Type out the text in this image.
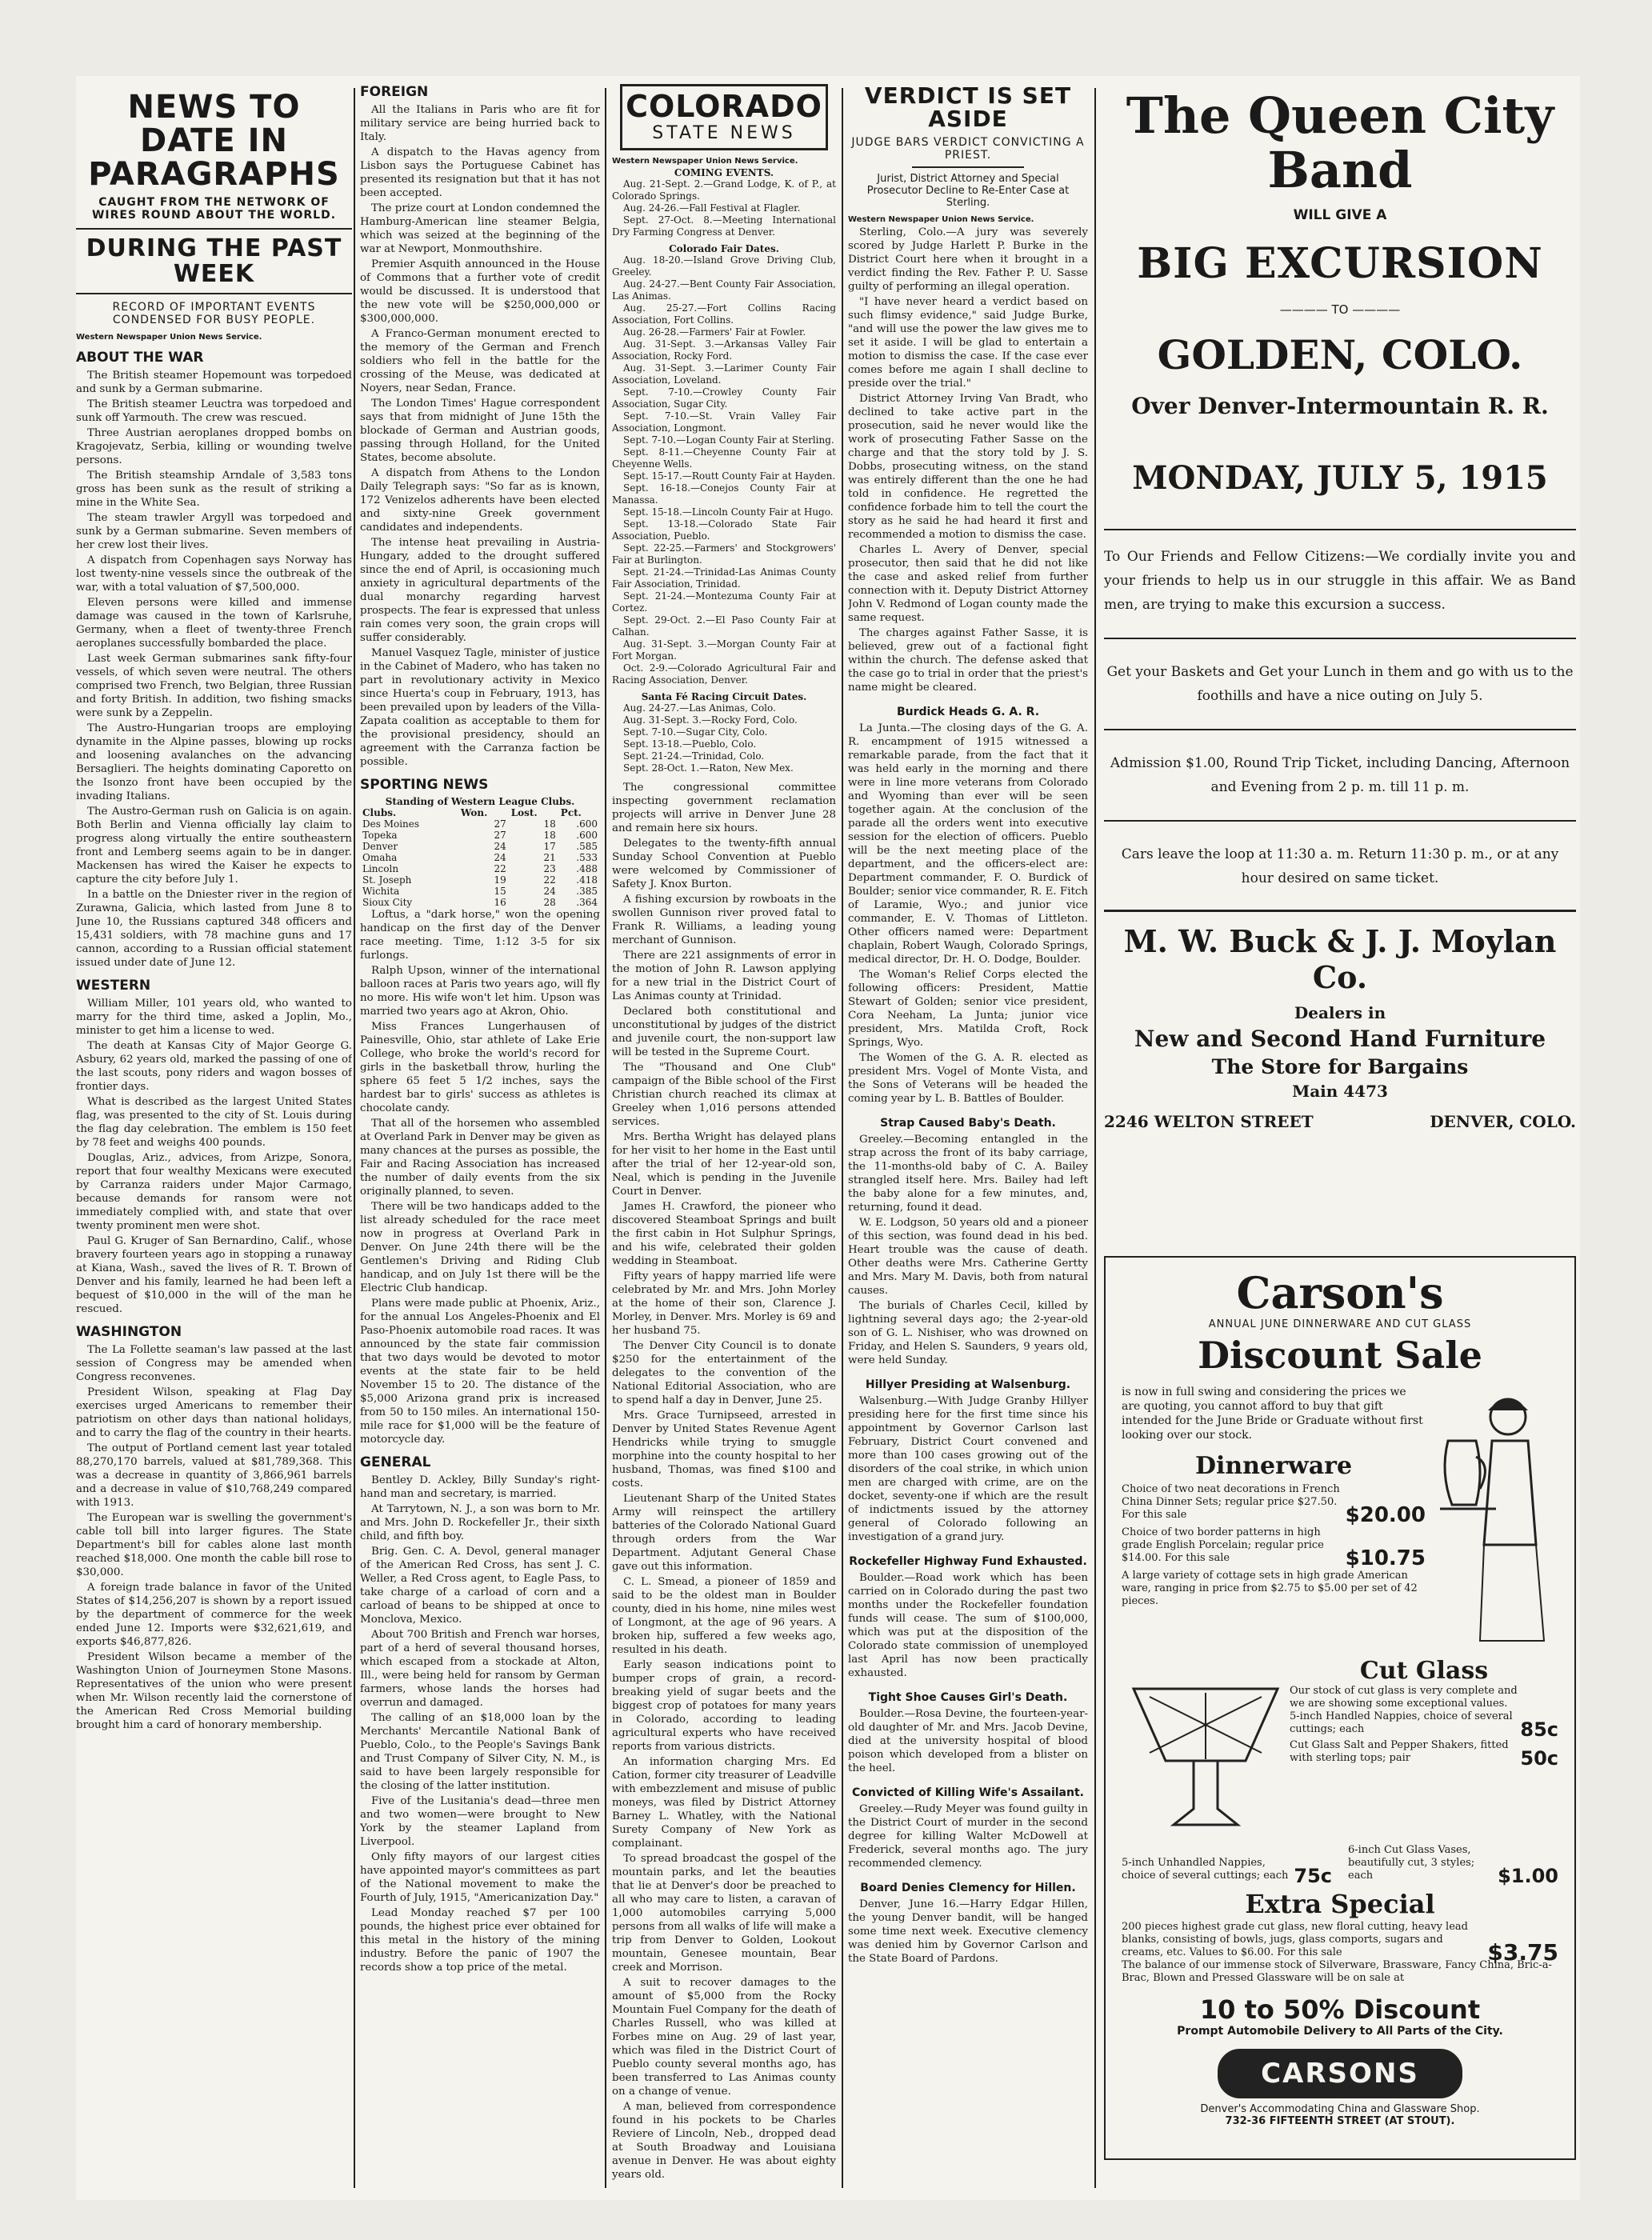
NEWS TO DATE IN PARAGRAPHS
CAUGHT FROM THE NETWORK OF WIRES ROUND ABOUT THE WORLD.
DURING THE PAST WEEK
RECORD OF IMPORTANT EVENTS CONDENSED FOR BUSY PEOPLE.
Western Newspaper Union News Service.
ABOUT THE WAR

The British steamer Hopemount was torpedoed and sunk by a German submarine.

The British steamer Leuctra was torpedoed and sunk off Yarmouth. The crew was rescued.

Three Austrian aeroplanes dropped bombs on Kragojevatz, Serbia, killing or wounding twelve persons.

The British steamship Arndale of 3,583 tons gross has been sunk as the result of striking a mine in the White Sea.

The steam trawler Argyll was torpedoed and sunk by a German submarine. Seven members of her crew lost their lives.

A dispatch from Copenhagen says Norway has lost twenty-nine vessels since the outbreak of the war, with a total valuation of $7,500,000.

Eleven persons were killed and immense damage was caused in the town of Karlsruhe, Germany, when a fleet of twenty-three French aeroplanes successfully bombarded the place.

Last week German submarines sank fifty-four vessels, of which seven were neutral. The others comprised two French, two Belgian, three Russian and forty British. In addition, two fishing smacks were sunk by a Zeppelin.

The Austro-Hungarian troops are employing dynamite in the Alpine passes, blowing up rocks and loosening avalanches on the advancing Bersaglieri. The heights dominating Caporetto on the Isonzo front have been occupied by the invading Italians.

The Austro-German rush on Galicia is on again. Both Berlin and Vienna officially lay claim to progress along virtually the entire southeastern front and Lemberg seems again to be in danger. Mackensen has wired the Kaiser he expects to capture the city before July 1.

In a battle on the Dniester river in the region of Zurawna, Galicia, which lasted from June 8 to June 10, the Russians captured 348 officers and 15,431 soldiers, with 78 machine guns and 17 cannon, according to a Russian official statement issued under date of June 12.

WESTERN

William Miller, 101 years old, who wanted to marry for the third time, asked a Joplin, Mo., minister to get him a license to wed.

The death at Kansas City of Major George G. Asbury, 62 years old, marked the passing of one of the last scouts, pony riders and wagon bosses of frontier days.

What is described as the largest United States flag, was presented to the city of St. Louis during the flag day celebration. The emblem is 150 feet by 78 feet and weighs 400 pounds.

Douglas, Ariz., advices, from Arizpe, Sonora, report that four wealthy Mexicans were executed by Carranza raiders under Major Carmago, because demands for ransom were not immediately complied with, and state that over twenty prominent men were shot.

Paul G. Kruger of San Bernardino, Calif., whose bravery fourteen years ago in stopping a runaway at Kiana, Wash., saved the lives of R. T. Brown of Denver and his family, learned he had been left a bequest of $10,000 in the will of the man he rescued.

WASHINGTON

The La Follette seaman's law passed at the last session of Congress may be amended when Congress reconvenes.

President Wilson, speaking at Flag Day exercises urged Americans to remember their patriotism on other days than national holidays, and to carry the flag of the country in their hearts.

The output of Portland cement last year totaled 88,270,170 barrels, valued at $81,789,368. This was a decrease in quantity of 3,866,961 barrels and a decrease in value of $10,768,249 compared with 1913.

The European war is swelling the government's cable toll bill into larger figures. The State Department's bill for cables alone last month reached $18,000. One month the cable bill rose to $30,000.

A foreign trade balance in favor of the United States of $14,256,207 is shown by a report issued by the department of commerce for the week ended June 12. Imports were $32,621,619, and exports $46,877,826.

President Wilson became a member of the Washington Union of Journeymen Stone Masons. Representatives of the union who were present when Mr. Wilson recently laid the cornerstone of the American Red Cross Memorial building brought him a card of honorary membership.

FOREIGN

All the Italians in Paris who are fit for military service are being hurried back to Italy.

A dispatch to the Havas agency from Lisbon says the Portuguese Cabinet has presented its resignation but that it has not been accepted.

The prize court at London condemned the Hamburg-American line steamer Belgia, which was seized at the beginning of the war at Newport, Monmouthshire.

Premier Asquith announced in the House of Commons that a further vote of credit would be discussed. It is understood that the new vote will be $250,000,000 or $300,000,000.

A Franco-German monument erected to the memory of the German and French soldiers who fell in the battle for the crossing of the Meuse, was dedicated at Noyers, near Sedan, France.

The London Times' Hague correspondent says that from midnight of June 15th the blockade of German and Austrian goods, passing through Holland, for the United States, become absolute.

A dispatch from Athens to the London Daily Telegraph says: "So far as is known, 172 Venizelos adherents have been elected and sixty-nine Greek government candidates and independents.

The intense heat prevailing in Austria-Hungary, added to the drought suffered since the end of April, is occasioning much anxiety in agricultural departments of the dual monarchy regarding harvest prospects. The fear is expressed that unless rain comes very soon, the grain crops will suffer considerably.

Manuel Vasquez Tagle, minister of justice in the Cabinet of Madero, who has taken no part in revolutionary activity in Mexico since Huerta's coup in February, 1913, has been prevailed upon by leaders of the Villa-Zapata coalition as acceptable to them for the provisional presidency, should an agreement with the Carranza faction be possible.

SPORTING NEWS
Standing of Western League Clubs.
Clubs.	Won.	Lost.	Pct.
Des Moines	27	18	.600
Topeka	27	18	.600
Denver	24	17	.585
Omaha	24	21	.533
Lincoln	22	23	.488
St. Joseph	19	22	.418
Wichita	15	24	.385
Sioux City	16	28	.364

Loftus, a "dark horse," won the opening handicap on the first day of the Denver race meeting. Time, 1:12 3-5 for six furlongs.

Ralph Upson, winner of the international balloon races at Paris two years ago, will fly no more. His wife won't let him. Upson was married two years ago at Akron, Ohio.

Miss Frances Lungerhausen of Painesville, Ohio, star athlete of Lake Erie College, who broke the world's record for girls in the basketball throw, hurling the sphere 65 feet 5 1/2 inches, says the hardest bar to girls' success as athletes is chocolate candy.

That all of the horsemen who assembled at Overland Park in Denver may be given as many chances at the purses as possible, the Fair and Racing Association has increased the number of daily events from the six originally planned, to seven.

There will be two handicaps added to the list already scheduled for the race meet now in progress at Overland Park in Denver. On June 24th there will be the Gentlemen's Driving and Riding Club handicap, and on July 1st there will be the Electric Club handicap.

Plans were made public at Phoenix, Ariz., for the annual Los Angeles-Phoenix and El Paso-Phoenix automobile road races. It was announced by the state fair commission that two days would be devoted to motor events at the state fair to be held November 15 to 20. The distance of the $5,000 Arizona grand prix is increased from 50 to 150 miles. An international 150-mile race for $1,000 will be the feature of motorcycle day.

GENERAL

Bentley D. Ackley, Billy Sunday's right-hand man and secretary, is married.

At Tarrytown, N. J., a son was born to Mr. and Mrs. John D. Rockefeller Jr., their sixth child, and fifth boy.

Brig. Gen. C. A. Devol, general manager of the American Red Cross, has sent J. C. Weller, a Red Cross agent, to Eagle Pass, to take charge of a carload of corn and a carload of beans to be shipped at once to Monclova, Mexico.

About 700 British and French war horses, part of a herd of several thousand horses, which escaped from a stockade at Alton, Ill., were being held for ransom by German farmers, whose lands the horses had overrun and damaged.

The calling of an $18,000 loan by the Merchants' Mercantile National Bank of Pueblo, Colo., to the People's Savings Bank and Trust Company of Silver City, N. M., is said to have been largely responsible for the closing of the latter institution.

Five of the Lusitania's dead—three men and two women—were brought to New York by the steamer Lapland from Liverpool.

Only fifty mayors of our largest cities have appointed mayor's committees as part of the National movement to make the Fourth of July, 1915, "Americanization Day."

Lead Monday reached $7 per 100 pounds, the highest price ever obtained for this metal in the history of the mining industry. Before the panic of 1907 the records show a top price of the metal.

COLORADO
STATE NEWS
Western Newspaper Union News Service.
COMING EVENTS.

Aug. 21-Sept. 2.—Grand Lodge, K. of P., at Colorado Springs.

Aug. 24-26.—Fall Festival at Flagler.

Sept. 27-Oct. 8.—Meeting International Dry Farming Congress at Denver.

Colorado Fair Dates.

Aug. 18-20.—Island Grove Driving Club, Greeley.

Aug. 24-27.—Bent County Fair Association, Las Animas.

Aug. 25-27.—Fort Collins Racing Association, Fort Collins.

Aug. 26-28.—Farmers' Fair at Fowler.

Aug. 31-Sept. 3.—Arkansas Valley Fair Association, Rocky Ford.

Aug. 31-Sept. 3.—Larimer County Fair Association, Loveland.

Sept. 7-10.—Crowley County Fair Association, Sugar City.

Sept. 7-10.—St. Vrain Valley Fair Association, Longmont.

Sept. 7-10.—Logan County Fair at Sterling.

Sept. 8-11.—Cheyenne County Fair at Cheyenne Wells.

Sept. 15-17.—Routt County Fair at Hayden.

Sept. 16-18.—Conejos County Fair at Manassa.

Sept. 15-18.—Lincoln County Fair at Hugo.

Sept. 13-18.—Colorado State Fair Association, Pueblo.

Sept. 22-25.—Farmers' and Stockgrowers' Fair at Burlington.

Sept. 21-24.—Trinidad-Las Animas County Fair Association, Trinidad.

Sept. 21-24.—Montezuma County Fair at Cortez.

Sept. 29-Oct. 2.—El Paso County Fair at Calhan.

Aug. 31-Sept. 3.—Morgan County Fair at Fort Morgan.

Oct. 2-9.—Colorado Agricultural Fair and Racing Association, Denver.

Santa Fé Racing Circuit Dates.

Aug. 24-27.—Las Animas, Colo.

Aug. 31-Sept. 3.—Rocky Ford, Colo.

Sept. 7-10.—Sugar City, Colo.

Sept. 13-18.—Pueblo, Colo.

Sept. 21-24.—Trinidad, Colo.

Sept. 28-Oct. 1.—Raton, New Mex.

The congressional committee inspecting government reclamation projects will arrive in Denver June 28 and remain here six hours.

Delegates to the twenty-fifth annual Sunday School Convention at Pueblo were welcomed by Commissioner of Safety J. Knox Burton.

A fishing excursion by rowboats in the swollen Gunnison river proved fatal to Frank R. Williams, a leading young merchant of Gunnison.

There are 221 assignments of error in the motion of John R. Lawson applying for a new trial in the District Court of Las Animas county at Trinidad.

Declared both constitutional and unconstitutional by judges of the district and juvenile court, the non-support law will be tested in the Supreme Court.

The "Thousand and One Club" campaign of the Bible school of the First Christian church reached its climax at Greeley when 1,016 persons attended services.

Mrs. Bertha Wright has delayed plans for her visit to her home in the East until after the trial of her 12-year-old son, Neal, which is pending in the Juvenile Court in Denver.

James H. Crawford, the pioneer who discovered Steamboat Springs and built the first cabin in Hot Sulphur Springs, and his wife, celebrated their golden wedding in Steamboat.

Fifty years of happy married life were celebrated by Mr. and Mrs. John Morley at the home of their son, Clarence J. Morley, in Denver. Mrs. Morley is 69 and her husband 75.

The Denver City Council is to donate $250 for the entertainment of the delegates to the convention of the National Editorial Association, who are to spend half a day in Denver, June 25.

Mrs. Grace Turnipseed, arrested in Denver by United States Revenue Agent Hendricks while trying to smuggle morphine into the county hospital to her husband, Thomas, was fined $100 and costs.

Lieutenant Sharp of the United States Army will reinspect the artillery batteries of the Colorado National Guard through orders from the War Department. Adjutant General Chase gave out this information.

C. L. Smead, a pioneer of 1859 and said to be the oldest man in Boulder county, died in his home, nine miles west of Longmont, at the age of 96 years. A broken hip, suffered a few weeks ago, resulted in his death.

Early season indications point to bumper crops of grain, a record-breaking yield of sugar beets and the biggest crop of potatoes for many years in Colorado, according to leading agricultural experts who have received reports from various districts.

An information charging Mrs. Ed Cation, former city treasurer of Leadville with embezzlement and misuse of public moneys, was filed by District Attorney Barney L. Whatley, with the National Surety Company of New York as complainant.

To spread broadcast the gospel of the mountain parks, and let the beauties that lie at Denver's door be preached to all who may care to listen, a caravan of 1,000 automobiles carrying 5,000 persons from all walks of life will make a trip from Denver to Golden, Lookout mountain, Genesee mountain, Bear creek and Morrison.

A suit to recover damages to the amount of $5,000 from the Rocky Mountain Fuel Company for the death of Charles Russell, who was killed at Forbes mine on Aug. 29 of last year, which was filed in the District Court of Pueblo county several months ago, has been transferred to Las Animas county on a change of venue.

A man, believed from correspondence found in his pockets to be Charles Reviere of Lincoln, Neb., dropped dead at South Broadway and Louisiana avenue in Denver. He was about eighty years old.

VERDICT IS SET ASIDE
JUDGE BARS VERDICT CONVICTING A PRIEST.
Jurist, District Attorney and Special Prosecutor Decline to Re-Enter Case at Sterling.
Western Newspaper Union News Service.

Sterling, Colo.—A jury was severely scored by Judge Harlett P. Burke in the District Court here when it brought in a verdict finding the Rev. Father P. U. Sasse guilty of performing an illegal operation.

"I have never heard a verdict based on such flimsy evidence," said Judge Burke, "and will use the power the law gives me to set it aside. I will be glad to entertain a motion to dismiss the case. If the case ever comes before me again I shall decline to preside over the trial."

District Attorney Irving Van Bradt, who declined to take active part in the prosecution, said he never would like the work of prosecuting Father Sasse on the charge and that the story told by J. S. Dobbs, prosecuting witness, on the stand was entirely different than the one he had told in confidence. He regretted the confidence forbade him to tell the court the story as he said he had heard it first and recommended a motion to dismiss the case.

Charles L. Avery of Denver, special prosecutor, then said that he did not like the case and asked relief from further connection with it. Deputy District Attorney John V. Redmond of Logan county made the same request.

The charges against Father Sasse, it is believed, grew out of a factional fight within the church. The defense asked that the case go to trial in order that the priest's name might be cleared.

Burdick Heads G. A. R.

La Junta.—The closing days of the G. A. R. encampment of 1915 witnessed a remarkable parade, from the fact that it was held early in the morning and there were in line more veterans from Colorado and Wyoming than ever will be seen together again. At the conclusion of the parade all the orders went into executive session for the election of officers. Pueblo will be the next meeting place of the department, and the officers-elect are: Department commander, F. O. Burdick of Boulder; senior vice commander, R. E. Fitch of Laramie, Wyo.; and junior vice commander, E. V. Thomas of Littleton. Other officers named were: Department chaplain, Robert Waugh, Colorado Springs, medical director, Dr. H. O. Dodge, Boulder.

The Woman's Relief Corps elected the following officers: President, Mattie Stewart of Golden; senior vice president, Cora Neeham, La Junta; junior vice president, Mrs. Matilda Croft, Rock Springs, Wyo.

The Women of the G. A. R. elected as president Mrs. Vogel of Monte Vista, and the Sons of Veterans will be headed the coming year by L. B. Battles of Boulder.

Strap Caused Baby's Death.

Greeley.—Becoming entangled in the strap across the front of its baby carriage, the 11-months-old baby of C. A. Bailey strangled itself here. Mrs. Bailey had left the baby alone for a few minutes, and, returning, found it dead.

W. E. Lodgson, 50 years old and a pioneer of this section, was found dead in his bed. Heart trouble was the cause of death. Other deaths were Mrs. Catherine Gertty and Mrs. Mary M. Davis, both from natural causes.

The burials of Charles Cecil, killed by lightning several days ago; the 2-year-old son of G. L. Nishiser, who was drowned on Friday, and Helen S. Saunders, 9 years old, were held Sunday.

Hillyer Presiding at Walsenburg.

Walsenburg.—With Judge Granby Hillyer presiding here for the first time since his appointment by Governor Carlson last February, District Court convened and more than 100 cases growing out of the disorders of the coal strike, in which union men are charged with crime, are on the docket, seventy-one if which are the result of indictments issued by the attorney general of Colorado following an investigation of a grand jury.

Rockefeller Highway Fund Exhausted.

Boulder.—Road work which has been carried on in Colorado during the past two months under the Rockefeller foundation funds will cease. The sum of $100,000, which was put at the disposition of the Colorado state commission of unemployed last April has now been practically exhausted.

Tight Shoe Causes Girl's Death.

Boulder.—Rosa Devine, the fourteen-year-old daughter of Mr. and Mrs. Jacob Devine, died at the university hospital of blood poison which developed from a blister on the heel.

Convicted of Killing Wife's Assailant.

Greeley.—Rudy Meyer was found guilty in the District Court of murder in the second degree for killing Walter McDowell at Frederick, several months ago. The jury recommended clemency.

Board Denies Clemency for Hillen.

Denver, June 16.—Harry Edgar Hillen, the young Denver bandit, will be hanged some time next week. Executive clemency was denied him by Governor Carlson and the State Board of Pardons.

The Queen City
Band
WILL GIVE A
BIG EXCURSION
———— TO ————
GOLDEN, COLO.
Over Denver-Intermountain R. R.
MONDAY, JULY 5, 1915
To Our Friends and Fellow Citizens:—We cordially invite you and your friends to help us in our struggle in this affair. We as Band men, are trying to make this excursion a success.
Get your Baskets and Get your Lunch in them and go with us to the foothills and have a nice outing on July 5.
Admission $1.00, Round Trip Ticket, including Dancing, Afternoon and Evening from 2 p. m. till 11 p. m.
Cars leave the loop at 11:30 a. m. Return 11:30 p. m., or at any hour desired on same ticket.
M. W. Buck & J. J. Moylan Co.
Dealers in
New and Second Hand Furniture
The Store for Bargains
Main 4473
2246 WELTON STREET	DENVER, COLO.
Carson's
ANNUAL JUNE DINNERWARE AND CUT GLASS
Discount Sale
is now in full swing and considering the prices we are quoting, you cannot afford to buy that gift intended for the June Bride or Graduate without first looking over our stock.
Dinnerware
Choice of two neat decorations in French China Dinner Sets; regular price $27.50. For this sale	$20.00
Choice of two border patterns in high grade English Porcelain; regular price $14.00. For this sale	$10.75
A large variety of cottage sets in high grade American ware, ranging in price from $2.75 to $5.00 per set of 42 pieces.
Cut Glass
Our stock of cut glass is very complete and we are showing some exceptional values. 5-inch Handled Nappies, choice of several cuttings; each	85c
Cut Glass Salt and Pepper Shakers, fitted with sterling tops; pair	50c
5-inch Unhandled Nappies, choice of several cuttings; each 75c
6-inch Cut Glass Vases, beautifully cut, 3 styles; each	$1.00
Extra Special
200 pieces highest grade cut glass, new floral cutting, heavy lead blanks, consisting of bowls, jugs, glass comports, sugars and creams, etc. Values to $6.00. For this sale	$3.75
The balance of our immense stock of Silverware, Brassware, Fancy China, Bric-a-Brac, Blown and Pressed Glassware will be on sale at
10 to 50% Discount
Prompt Automobile Delivery to All Parts of the City.
CARSONS
Denver's Accommodating China and Glassware Shop.
732-36 FIFTEENTH STREET (AT STOUT).
